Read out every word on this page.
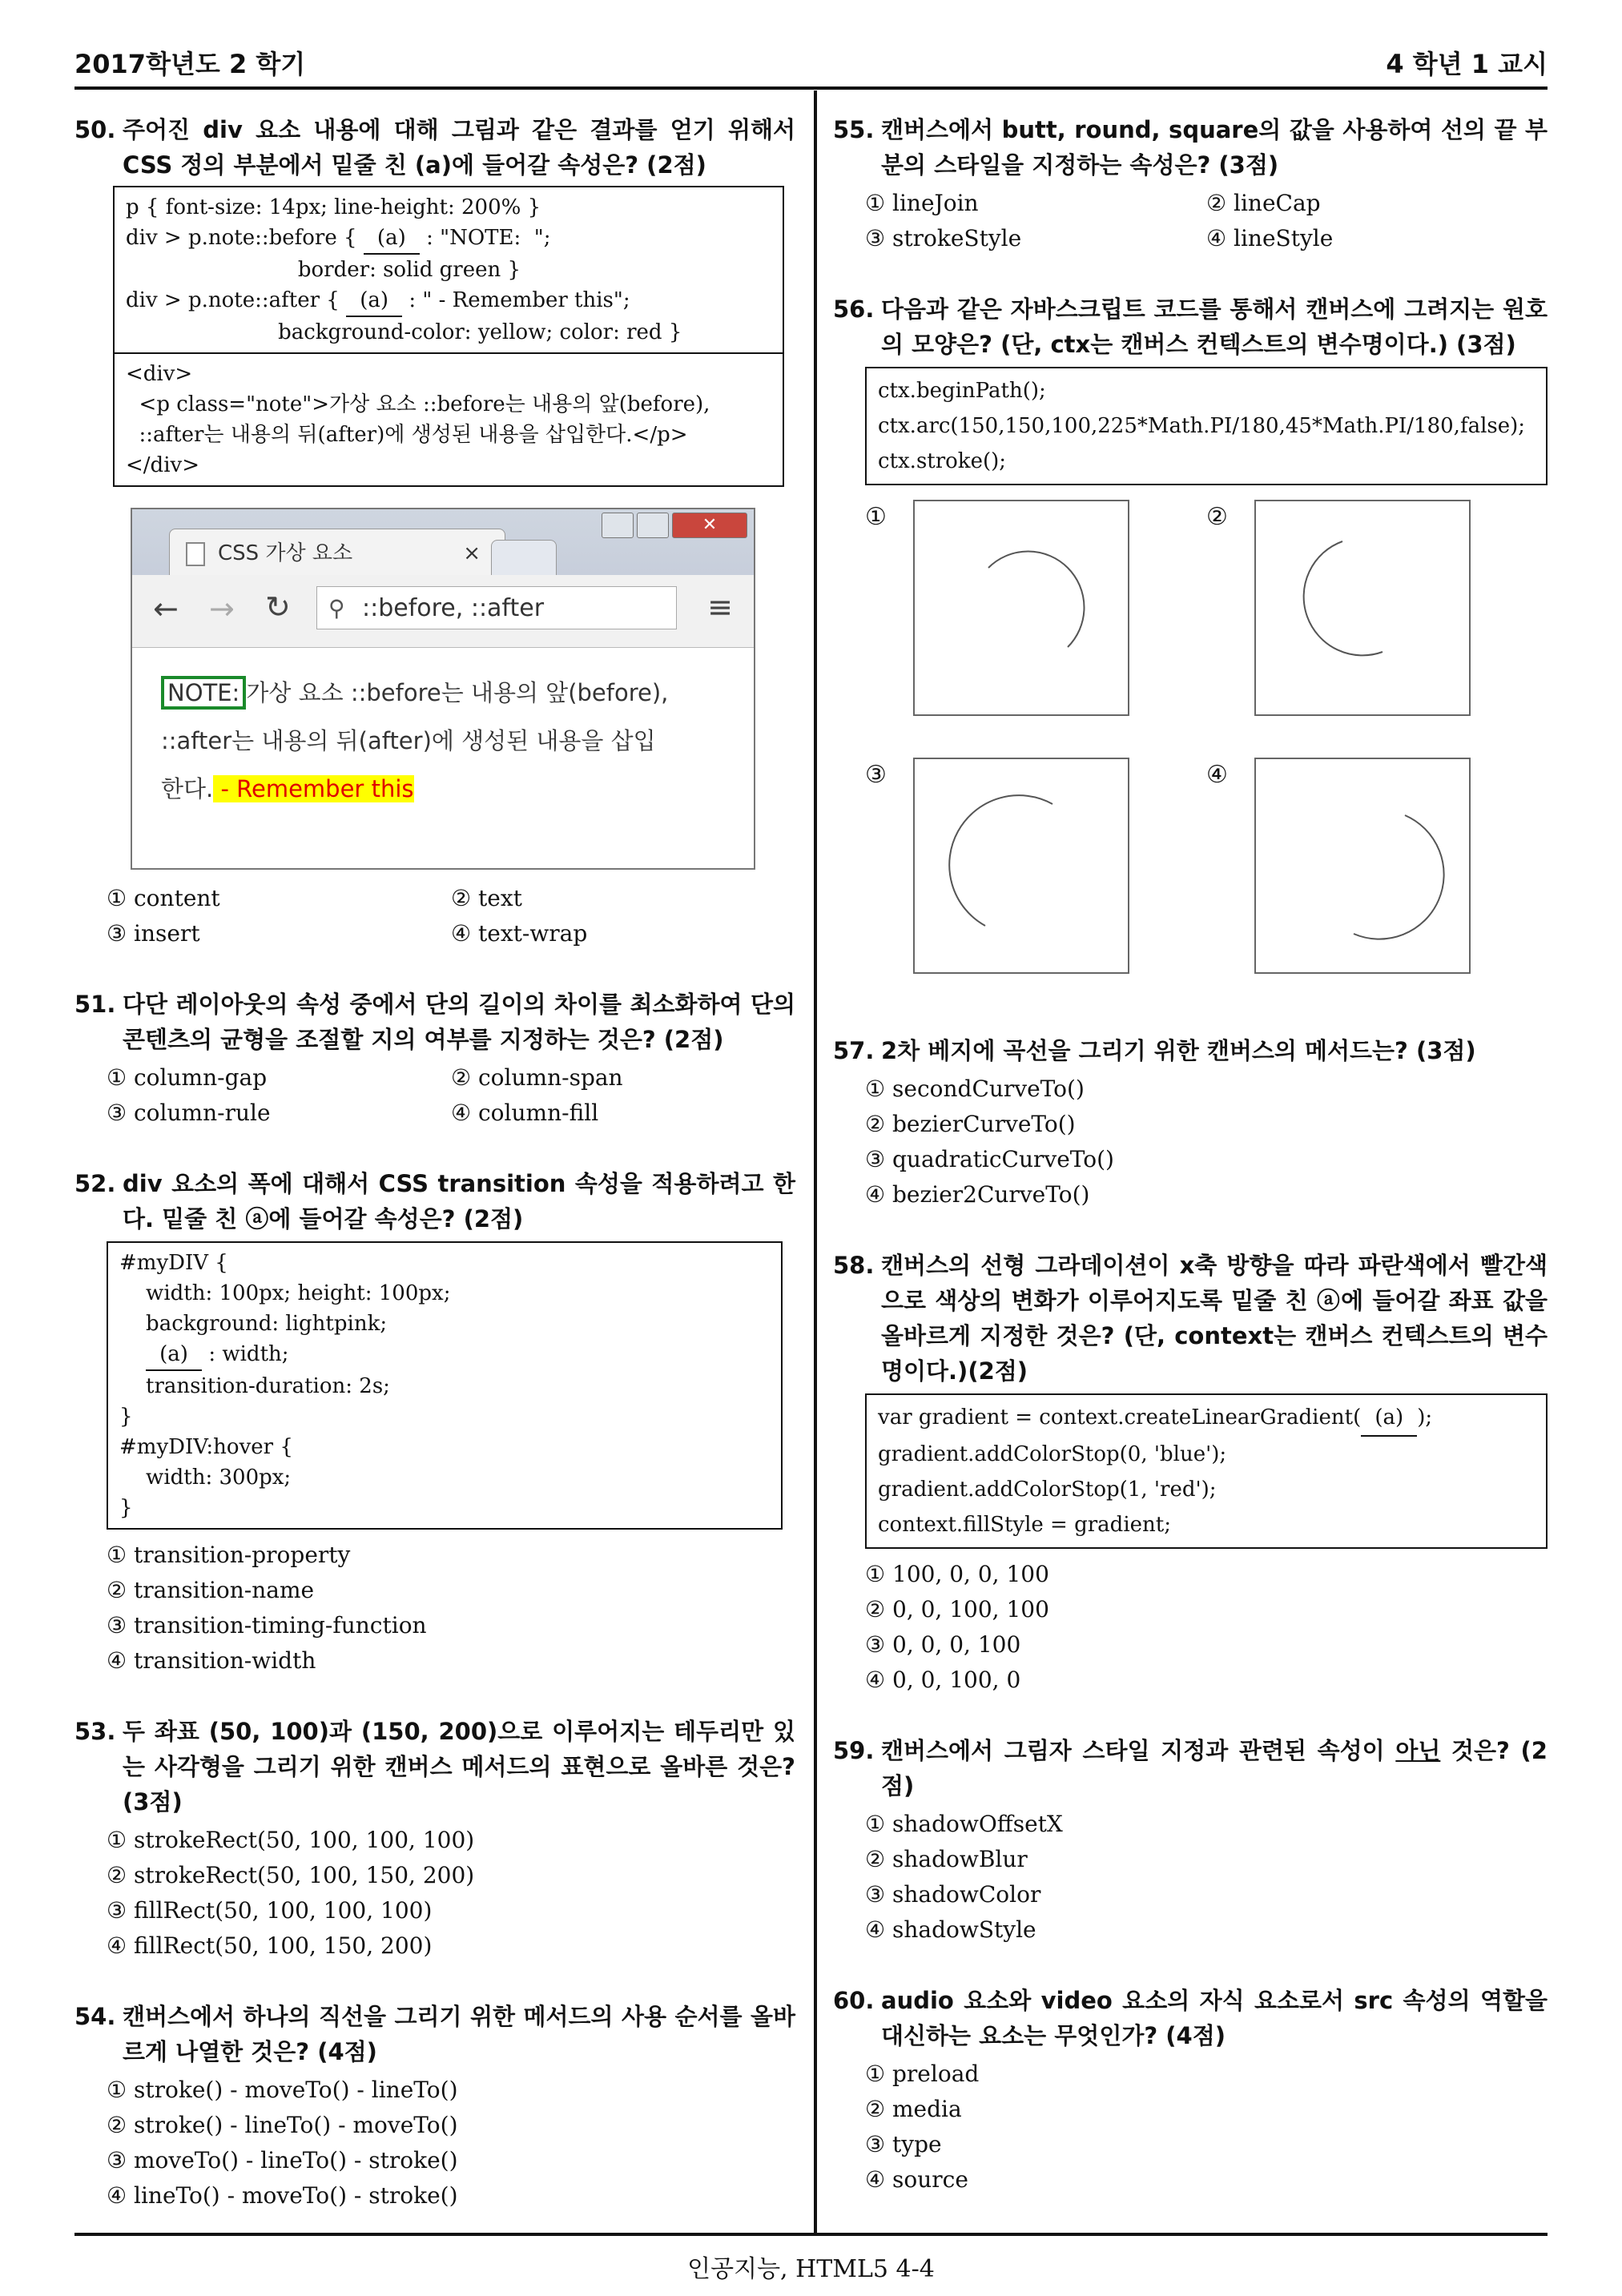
2017학년도 2 학기	4 학년 1 교시
인공지능, HTML5 4-4
50. 주어진 div 요소 내용에 대해 그림과 같은 결과를 얻기 위해서 CSS 정의 부분에서 밑줄 친 (a)에 들어갈 속성은? (2점)
p { font-size: 14px; line-height: 200% }
div > p.note::before { (a) : "NOTE:  ";
border: solid green }
div > p.note::after { (a) : " - Remember this";
background-color: yellow; color: red }
<div>
<p class="note">가상 요소 ::before는 내용의 앞(before),
::after는 내용의 뒤(after)에 생성된 내용을 삽입한다.</p>
</div>
CSS 가상 요소	×
✕
← → ↻ ⚲ ::before, ::after	≡
NOTE: 가상 요소 ::before는 내용의 앞(before),
::after는 내용의 뒤(after)에 생성된 내용을 삽입
한다. - Remember this
① content	② text
③ insert	④ text-wrap
51. 다단 레이아웃의 속성 중에서 단의 길이의 차이를 최소화하여 단의 콘텐츠의 균형을 조절할 지의 여부를 지정하는 것은? (2점)
① column-gap	② column-span
③ column-rule	④ column-fill
52. div 요소의 폭에 대해서 CSS transition 속성을 적용하려고 한다. 밑줄 친 ⓐ에 들어갈 속성은? (2점)
#myDIV {
width: 100px; height: 100px;
background: lightpink;
(a) : width;
transition-duration: 2s;
}
#myDIV:hover {
width: 300px;
}
① transition-property
② transition-name
③ transition-timing-function
④ transition-width
53. 두 좌표 (50, 100)과 (150, 200)으로 이루어지는 테두리만 있는 사각형을 그리기 위한 캔버스 메서드의 표현으로 올바른 것은? (3점)
① strokeRect(50, 100, 100, 100)
② strokeRect(50, 100, 150, 200)
③ fillRect(50, 100, 100, 100)
④ fillRect(50, 100, 150, 200)
54. 캔버스에서 하나의 직선을 그리기 위한 메서드의 사용 순서를 올바르게 나열한 것은? (4점)
① stroke() - moveTo() - lineTo()
② stroke() - lineTo() - moveTo()
③ moveTo() - lineTo() - stroke()
④ lineTo() - moveTo() - stroke()
55. 캔버스에서 butt, round, square의 값을 사용하여 선의 끝 부분의 스타일을 지정하는 속성은? (3점)
① lineJoin	② lineCap
③ strokeStyle	④ lineStyle
56. 다음과 같은 자바스크립트 코드를 통해서 캔버스에 그려지는 원호의 모양은? (단, ctx는 캔버스 컨텍스트의 변수명이다.) (3점)
ctx.beginPath();
ctx.arc(150,150,100,225*Math.PI/180,45*Math.PI/180,false);
ctx.stroke();
①	②
③	④
57. 2차 베지에 곡선을 그리기 위한 캔버스의 메서드는? (3점)
① secondCurveTo()
② bezierCurveTo()
③ quadraticCurveTo()
④ bezier2CurveTo()
58. 캔버스의 선형 그라데이션이 x축 방향을 따라 파란색에서 빨간색으로 색상의 변화가 이루어지도록 밑줄 친 ⓐ에 들어갈 좌표 값을 올바르게 지정한 것은? (단, context는 캔버스 컨텍스트의 변수명이다.)(2점)
var gradient = context.createLinearGradient( (a) );
gradient.addColorStop(0, 'blue');
gradient.addColorStop(1, 'red');
context.fillStyle = gradient;
① 100, 0, 0, 100
② 0, 0, 100, 100
③ 0, 0, 0, 100
④ 0, 0, 100, 0
59. 캔버스에서 그림자 스타일 지정과 관련된 속성이 아닌 것은? (2점)
① shadowOffsetX
② shadowBlur
③ shadowColor
④ shadowStyle
60. audio 요소와 video 요소의 자식 요소로서 src 속성의 역할을 대신하는 요소는 무엇인가? (4점)
① preload
② media
③ type
④ source
